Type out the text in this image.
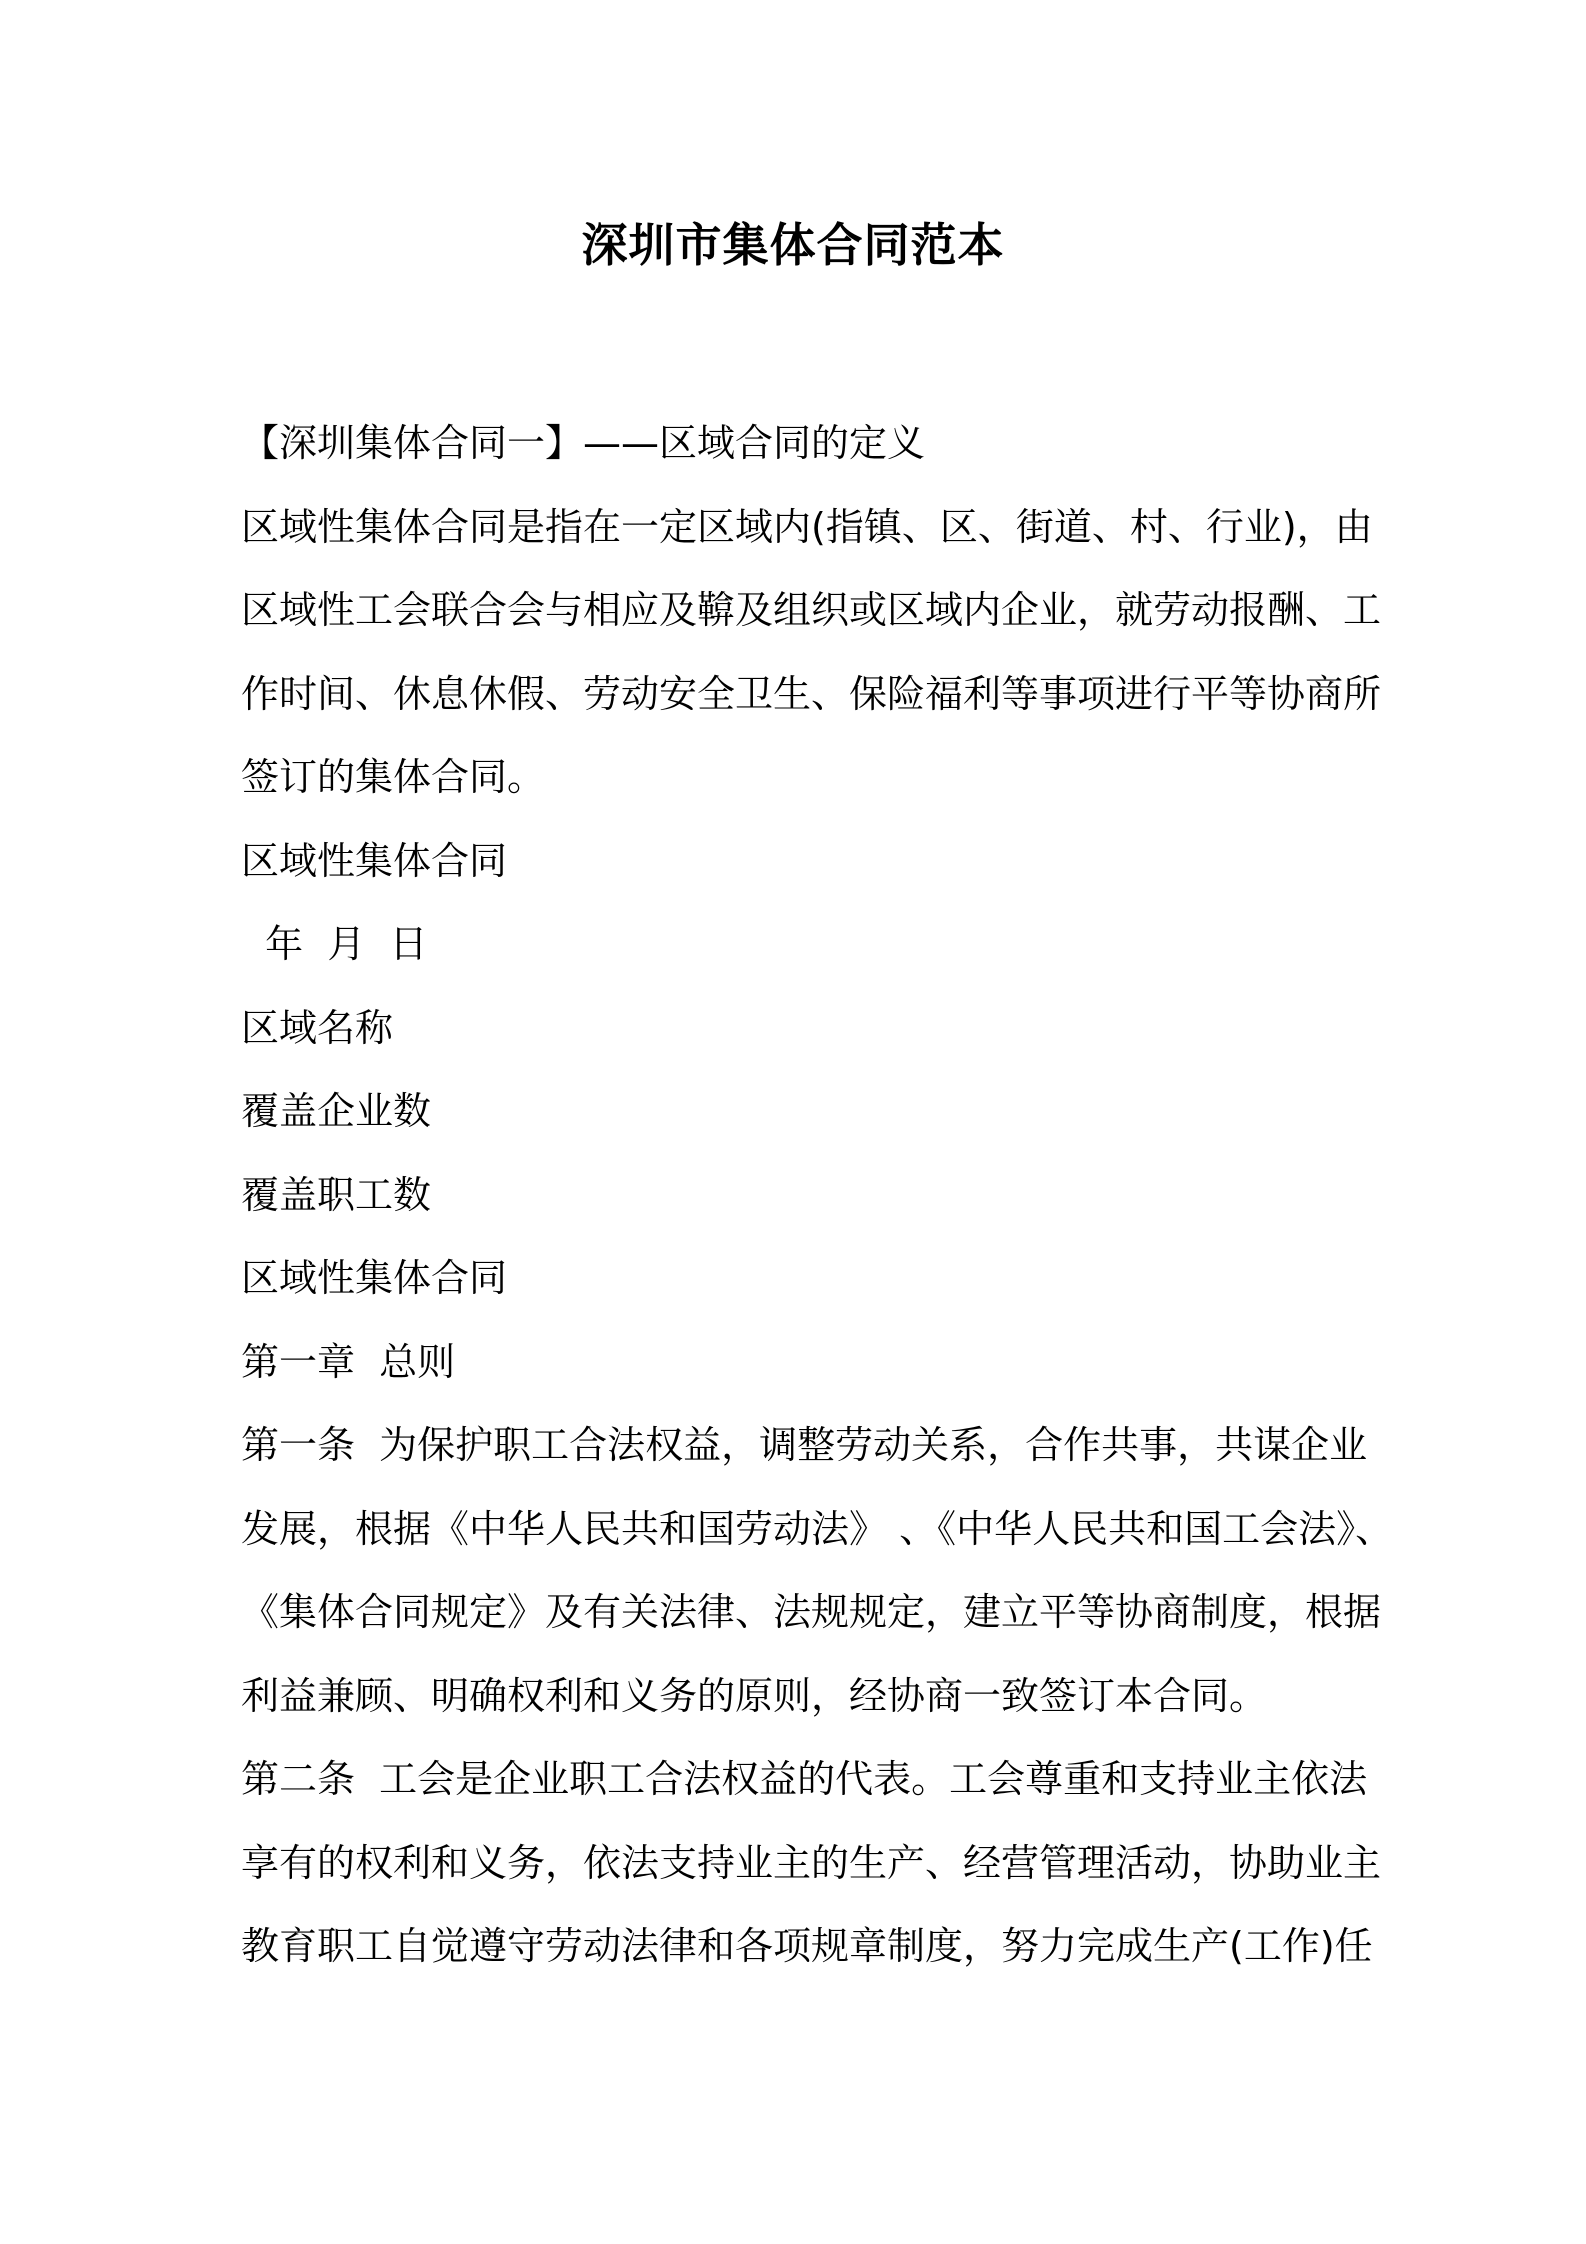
深圳市集体合同范本
【深圳集体合同一】——区域合同的定义
区域性集体合同是指在一定区域内(指镇、区、街道、村、行业)，由
区域性工会联合会与相应及鞥及组织或区域内企业，就劳动报酬、工
作时间、休息休假、劳动安全卫生、保险福利等事项进行平等协商所
签订的集体合同。
区域性集体合同
年  月  日
区域名称
覆盖企业数
覆盖职工数
区域性集体合同
第一章  总则
第一条  为保护职工合法权益，调整劳动关系，合作共事，共谋企业
发展，根据《中华人民共和国劳动法》 、《中华人民共和国工会法》、
《集体合同规定》及有关法律、法规规定，建立平等协商制度，根据
利益兼顾、明确权利和义务的原则，经协商一致签订本合同。
第二条  工会是企业职工合法权益的代表。工会尊重和支持业主依法
享有的权利和义务，依法支持业主的生产、经营管理活动，协助业主
教育职工自觉遵守劳动法律和各项规章制度，努力完成生产(工作)任
